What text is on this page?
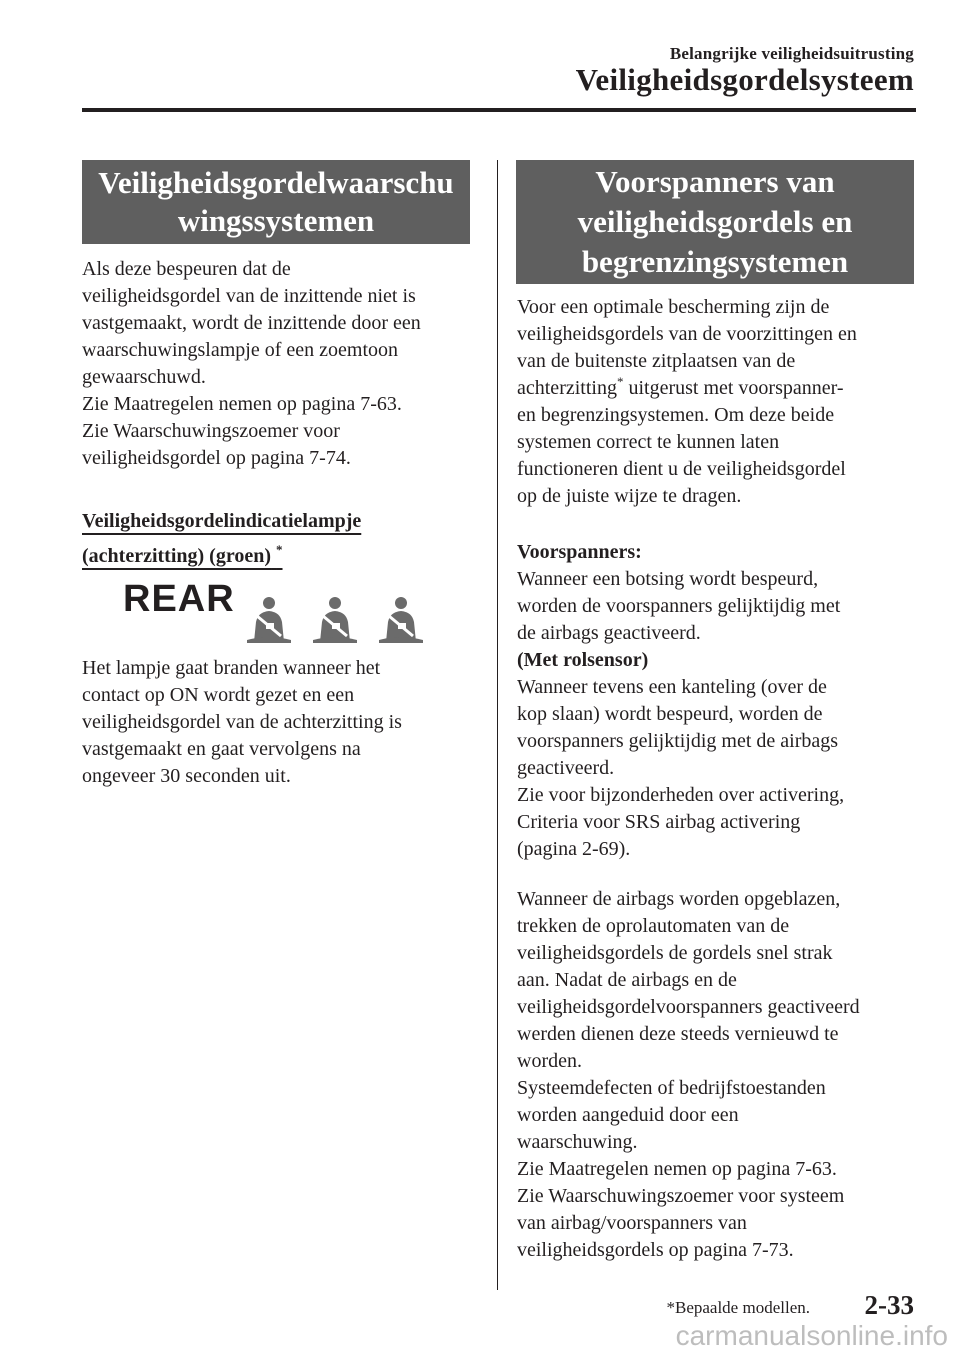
Belangrijke veiligheidsuitrusting
Veiligheidsgordelsysteem
Veiligheidsgordelwaarschu
wingssystemen
Als deze bespeuren dat de
veiligheidsgordel van de inzittende niet is
vastgemaakt, wordt de inzittende door een
waarschuwingslampje of een zoemtoon
gewaarschuwd.
Zie Maatregelen nemen op pagina 7-63.
Zie Waarschuwingszoemer voor
veiligheidsgordel op pagina 7-74.
Veiligheidsgordelindicatielampje
(achterzitting) (groen) *
REAR
Het lampje gaat branden wanneer het
contact op ON wordt gezet en een
veiligheidsgordel van de achterzitting is
vastgemaakt en gaat vervolgens na
ongeveer 30 seconden uit.
Voorspanners van
veiligheidsgordels en
begrenzingsystemen
Voor een optimale bescherming zijn de
veiligheidsgordels van de voorzittingen en
van de buitenste zitplaatsen van de
achterzitting* uitgerust met voorspanner-
en begrenzingsystemen. Om deze beide
systemen correct te kunnen laten
functioneren dient u de veiligheidsgordel
op de juiste wijze te dragen.
Voorspanners:
Wanneer een botsing wordt bespeurd,
worden de voorspanners gelijktijdig met
de airbags geactiveerd.
(Met rolsensor)
Wanneer tevens een kanteling (over de
kop slaan) wordt bespeurd, worden de
voorspanners gelijktijdig met de airbags
geactiveerd.
Zie voor bijzonderheden over activering,
Criteria voor SRS airbag activering
(pagina 2-69).
Wanneer de airbags worden opgeblazen,
trekken de oprolautomaten van de
veiligheidsgordels de gordels snel strak
aan. Nadat de airbags en de
veiligheidsgordelvoorspanners geactiveerd
werden dienen deze steeds vernieuwd te
worden.
Systeemdefecten of bedrijfstoestanden
worden aangeduid door een
waarschuwing.
Zie Maatregelen nemen op pagina 7-63.
Zie Waarschuwingszoemer voor systeem
van airbag/voorspanners van
veiligheidsgordels op pagina 7-73.
*Bepaalde modellen. 2-33
carmanualsonline.info
